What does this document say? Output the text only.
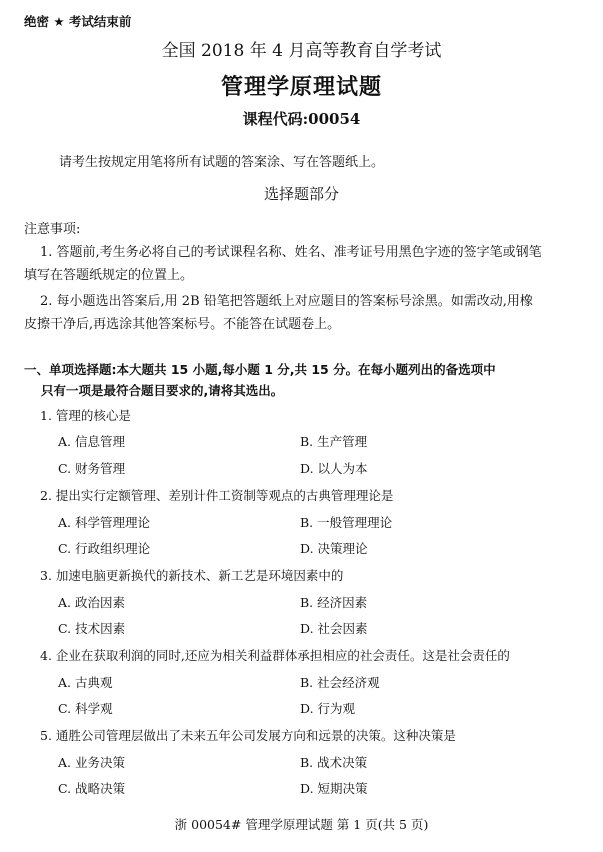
绝密 ★ 考试结束前
全国 2018 年 4 月高等教育自学考试
管理学原理试题
课程代码:00054
请考生按规定用笔将所有试题的答案涂、写在答题纸上。
选择题部分
注意事项:
1. 答题前,考生务必将自己的考试课程名称、姓名、准考证号用黑色字迹的签字笔或钢笔
填写在答题纸规定的位置上。
2. 每小题选出答案后,用 2B 铅笔把答题纸上对应题目的答案标号涂黑。如需改动,用橡
皮擦干净后,再选涂其他答案标号。不能答在试题卷上。
一、单项选择题:本大题共 15 小题,每小题 1 分,共 15 分。在每小题列出的备选项中
只有一项是最符合题目要求的,请将其选出。
1. 管理的核心是
A. 信息管理	B. 生产管理
C. 财务管理	D. 以人为本
2. 提出实行定额管理、差别计件工资制等观点的古典管理理论是
A. 科学管理理论	B. 一般管理理论
C. 行政组织理论	D. 决策理论
3. 加速电脑更新换代的新技术、新工艺是环境因素中的
A. 政治因素	B. 经济因素
C. 技术因素	D. 社会因素
4. 企业在获取利润的同时,还应为相关利益群体承担相应的社会责任。这是社会责任的
A. 古典观	B. 社会经济观
C. 科学观	D. 行为观
5. 通胜公司管理层做出了未来五年公司发展方向和远景的决策。这种决策是
A. 业务决策	B. 战术决策
C. 战略决策	D. 短期决策
浙 00054# 管理学原理试题 第 1 页(共 5 页)
